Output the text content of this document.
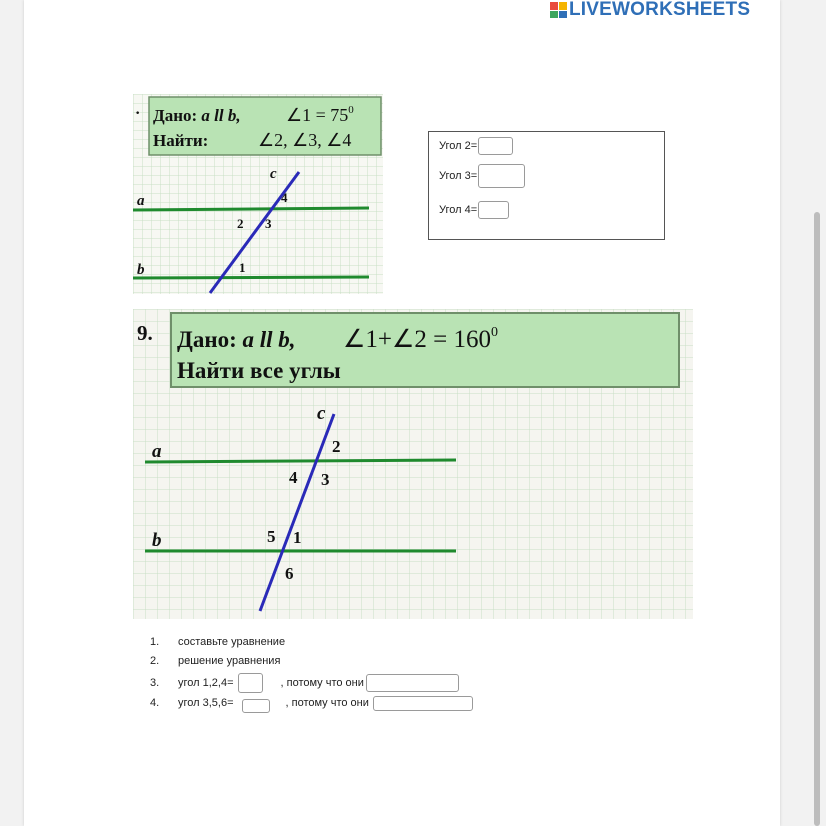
LIVEWORKSHEETS
· Дано: a ll b,	∠1 = $75^0$
Найти:	∠2, ∠3, ∠4
a
b
c
1
2 3
4
Угол 2=
Угол 3=
Угол 4=
9. Дано: a ll b, ∠1+∠2 = $160^0$
Найти все углы
a
b
c
1
2
3
4
5
6
1.	составьте уравнение
2.	решение уравнения
3.	угол 1,2,4=	, потому что они
4.	угол 3,5,6=	, потому что они
